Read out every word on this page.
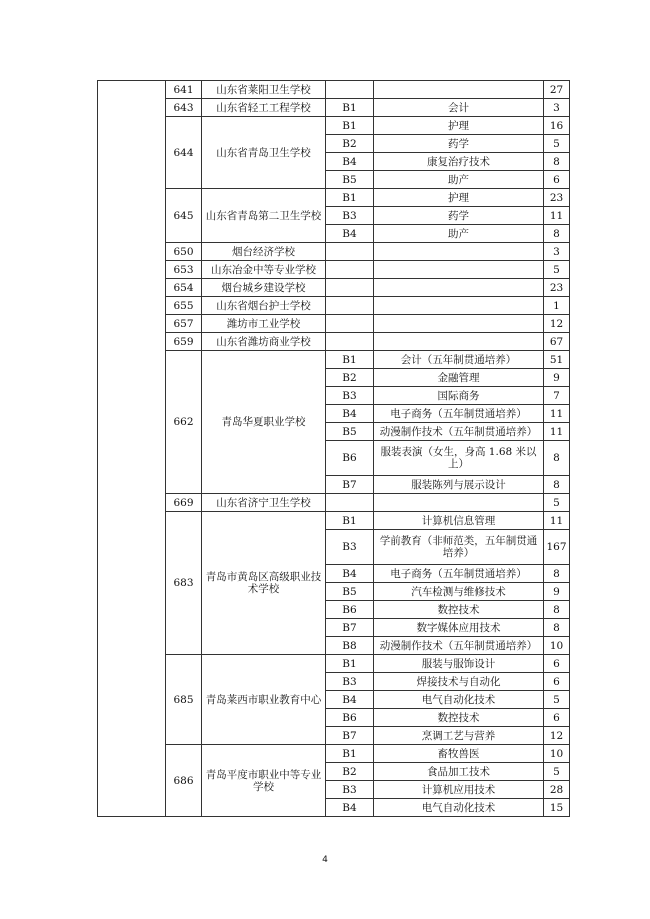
	641	山东省莱阳卫生学校			27
	643	山东省轻工工程学校	B1	会计	3
	644	山东省青岛卫生学校	B1	护理	16
			B2	药学	5
			B4	康复治疗技术	8
			B5	助产	6
	645	山东省青岛第二卫生学校	B1	护理	23
			B3	药学	11
			B4	助产	8
	650	烟台经济学校			3
	653	山东冶金中等专业学校			5
	654	烟台城乡建设学校			23
	655	山东省烟台护士学校			1
	657	潍坊市工业学校			12
	659	山东省潍坊商业学校			67
	662	青岛华夏职业学校	B1	会计（五年制贯通培养）	51
			B2	金融管理	9
			B3	国际商务	7
			B4	电子商务（五年制贯通培养）	11
			B5	动漫制作技术（五年制贯通培养）	11
			B6	服装表演（女生，身高 1.68 米以上）	8
			B7	服装陈列与展示设计	8
	669	山东省济宁卫生学校			5
	683	青岛市黄岛区高级职业技术学校	B1	计算机信息管理	11
			B3	学前教育（非师范类，五年制贯通培养）	167
			B4	电子商务（五年制贯通培养）	8
			B5	汽车检测与维修技术	9
			B6	数控技术	8
			B7	数字媒体应用技术	8
			B8	动漫制作技术（五年制贯通培养）	10
	685	青岛莱西市职业教育中心	B1	服装与服饰设计	6
			B3	焊接技术与自动化	6
			B4	电气自动化技术	5
			B6	数控技术	6
			B7	烹调工艺与营养	12
	686	青岛平度市职业中等专业学校	B1	畜牧兽医	10
			B2	食品加工技术	5
			B3	计算机应用技术	28
			B4	电气自动化技术	15
4
